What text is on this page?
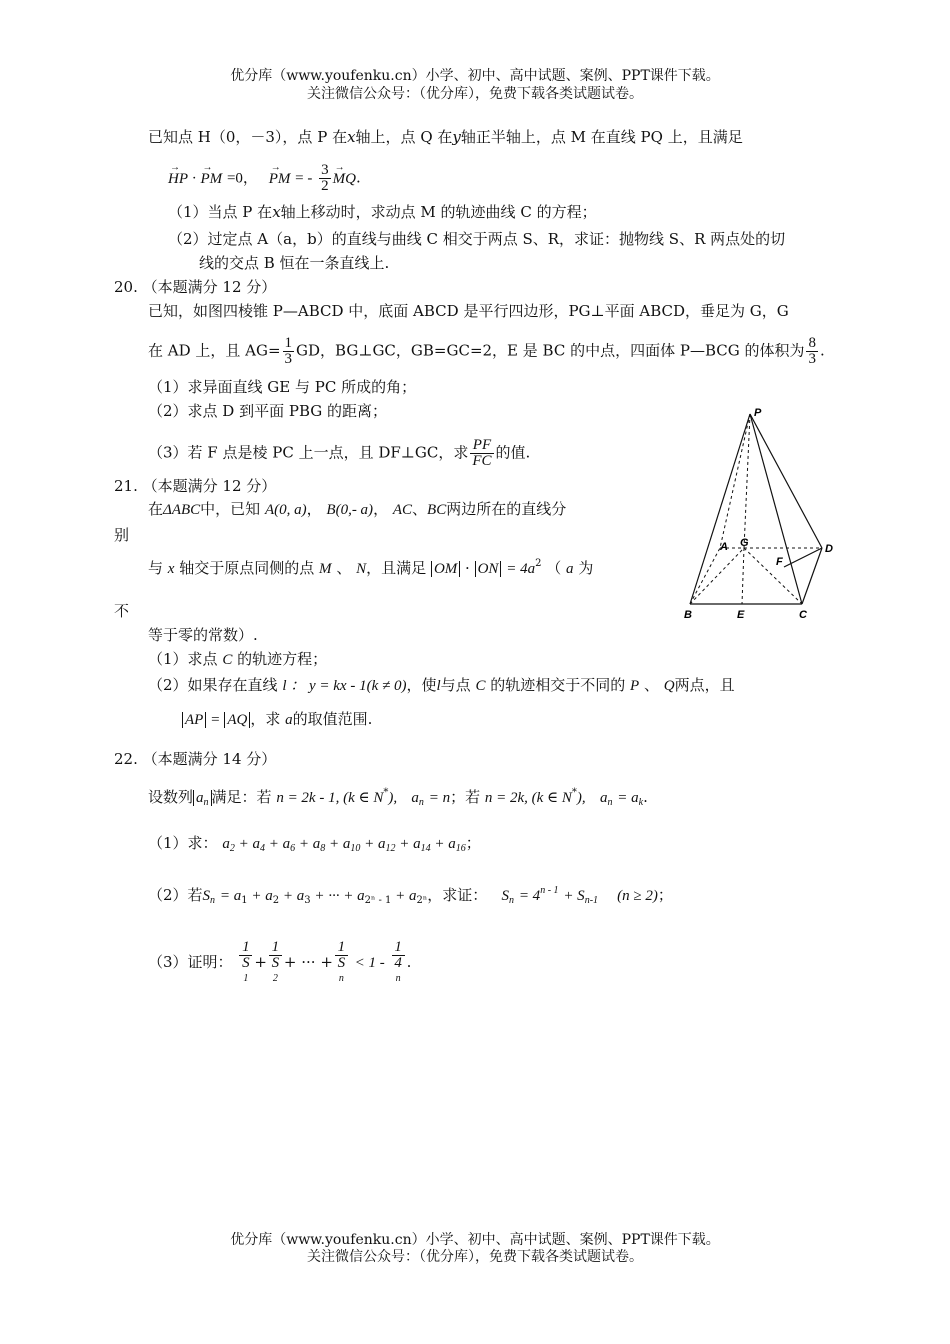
优分库（www.youfenku.cn）小学、初中、高中试题、案例、PPT课件下载。
关注微信公众号：（优分库），免费下载各类试题试卷。
已知点 H（0，－3），点 P 在x轴上，点 Q 在y轴正半轴上，点 M 在直线 PQ 上，且满足
→ HP · → PM =0， → PM = - $\frac{3}{2}$ → MQ.
（1）当点 P 在x轴上移动时，求动点 M 的轨迹曲线 C 的方程；
（2）过定点 A（a，b）的直线与曲线 C 相交于两点 S、R，求证：抛物线 S、R 两点处的切
线的交点 B 恒在一条直线上.
20. （本题满分 12 分）
已知，如图四棱锥 P—ABCD 中，底面 ABCD 是平行四边形，PG⊥平面 ABCD，垂足为 G，G
在 AD 上，且 $AG= \frac{1}{3}$ GD，BG⊥GC，GB=GC=2，E 是 BC 的中点，四面体 P—BCG 的体积为 $\frac{8}{3}$ .
（1）求异面直线 GE 与 PC 所成的角；
（2）求点 D 到平面 PBG 的距离；
（3）若 F 点是棱 PC 上一点，且 DF⊥GC，求 $\frac{PF}{FC}$ 的值.
P
A G	D
F
B	E	C
21. （本题满分 12 分）
在ΔABC中，已知 A(0, a)， B(0,- a)， AC、BC两边所在的直线分
别
与 x 轴交于原点同侧的点 M 、 N，且满足 OM · ON = $4a^2$ （ a 为
不
等于零的常数）.
（1）求点 C 的轨迹方程；
（2）如果存在直线 l ： y = kx - 1(k ≠ 0)，使l与点 C 的轨迹相交于不同的 P 、 Q两点，且
AP = AQ ，求 a的取值范围.
22. （本题满分 14 分）
设数列 $a_n$ 满足：若 n = 2k - 1, (k ∈ N*), $a_n = n$；若 n = 2k, (k ∈ N*), $a_n = a_k$.
（1）求： $a_2 + a_4 + a_6 + a_8 + a_{10} + a_{12} + a_{14} + a_{16}$；
（2）若$S_n = a_1 + a_2 + a_3$ + ··· + $a_{2^n - 1} + a_{2^n}$，求证： $S_n = 4^{n - 1} + S_{n-1}$ (n ≥ 2)；
（3）证明： 1
S
1 + 1
S
2 + ··· + 1
S
n < 1 - 1
4
n .
优分库（www.youfenku.cn）小学、初中、高中试题、案例、PPT课件下载。
关注微信公众号：（优分库），免费下载各类试题试卷。
